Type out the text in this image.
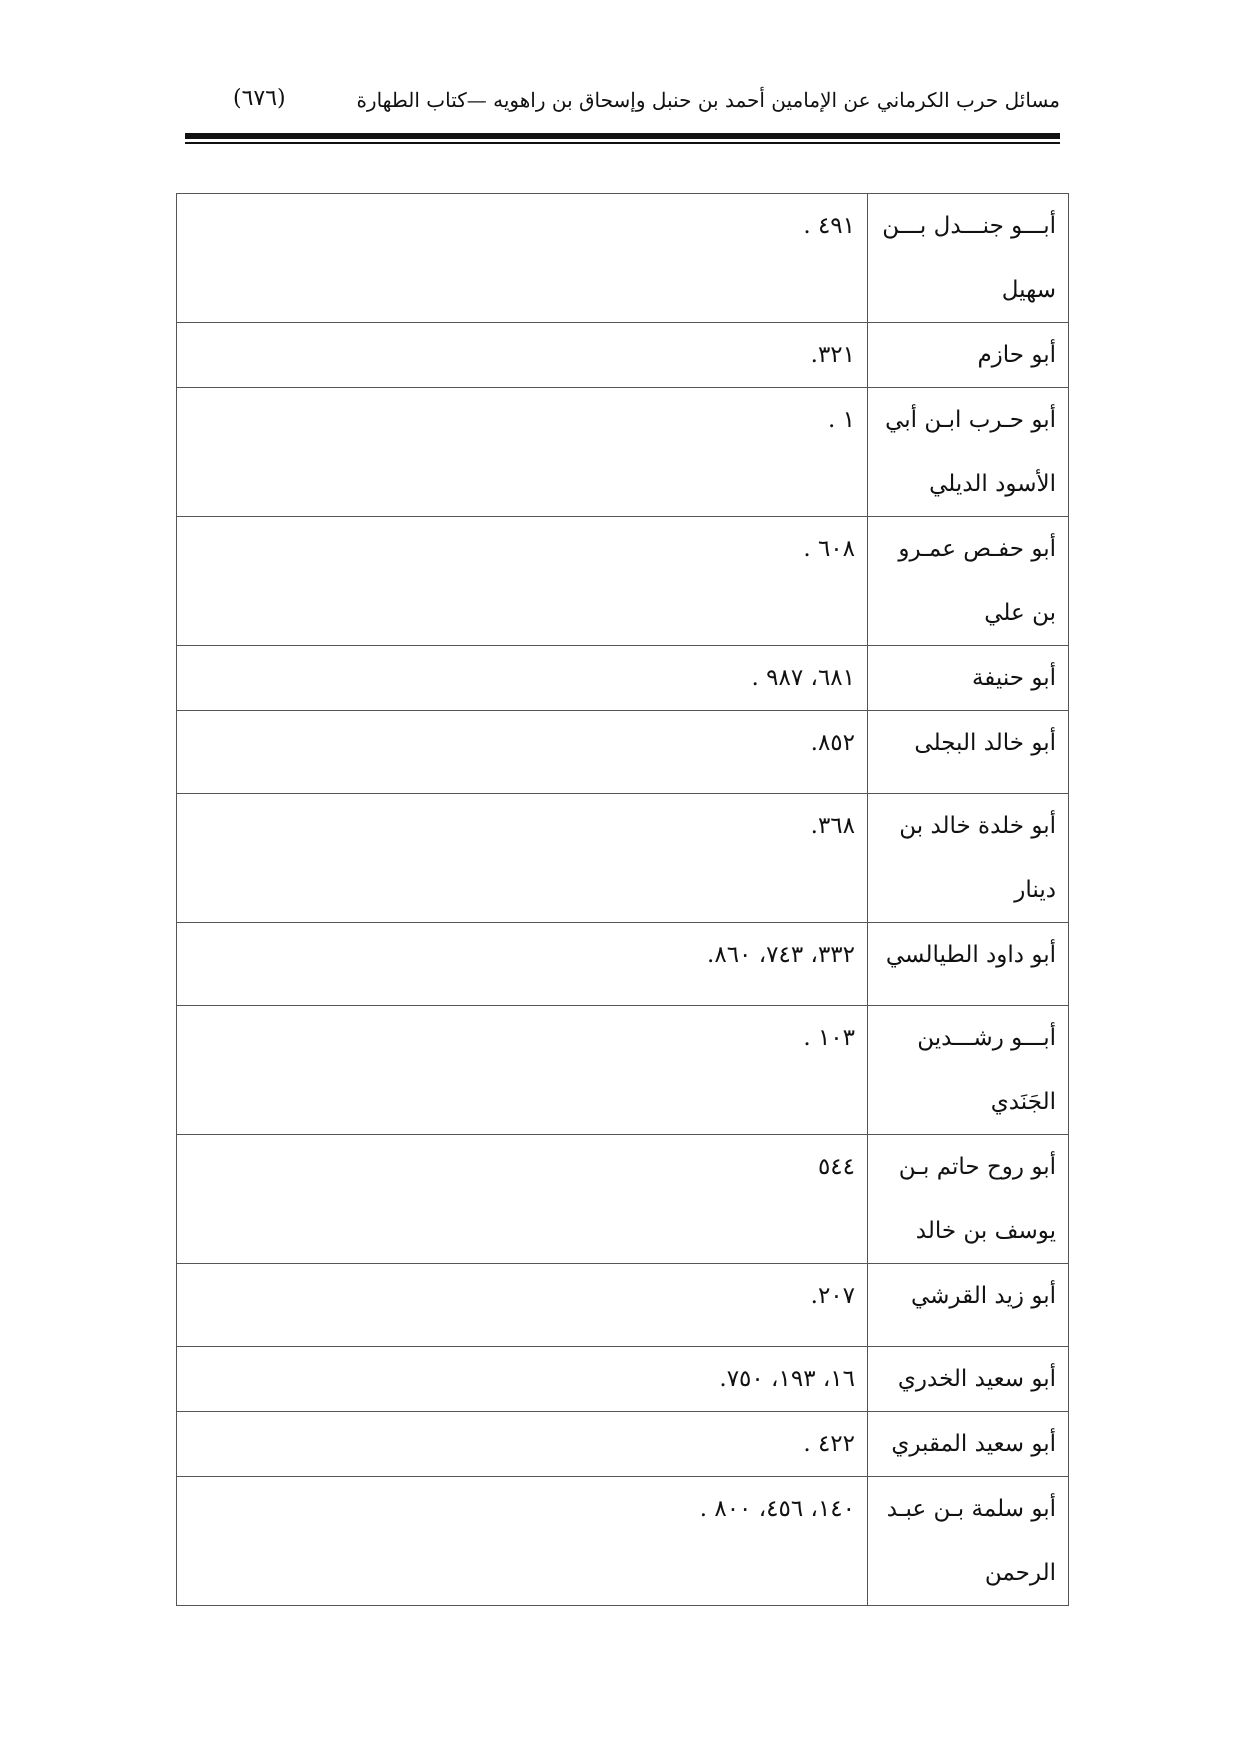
مسائل حرب الكرماني عن الإمامين أحمد بن حنبل وإسحاق بن راهويه —كتاب الطهارة
(٦٧٦)
أبـــو جنـــدل بـــن سهيل	٤٩١ .
أبو حازم	٣٢١.
أبو حـرب ابـن أبي الأسود الديلي	١ .
أبو حفـص عمـرو بن علي	٦٠٨ .
أبو حنيفة	٦٨١، ٩٨٧ .
أبو خالد البجلى	٨٥٢.
أبو خلدة خالد بن دينار	٣٦٨.
أبو داود الطيالسي	٣٣٢، ٧٤٣، ٨٦٠.
أبـــو رشـــدين الجَنَدي	١٠٣ .
أبو روح حاتم بـن يوسف بن خالد	٥٤٤
أبو زيد القرشي	٢٠٧.
أبو سعيد الخدري	١٦، ١٩٣، ٧٥٠.
أبو سعيد المقبري	٤٢٢ .
أبو سلمة بـن عبـد الرحمن	١٤٠، ٤٥٦، ٨٠٠ .
